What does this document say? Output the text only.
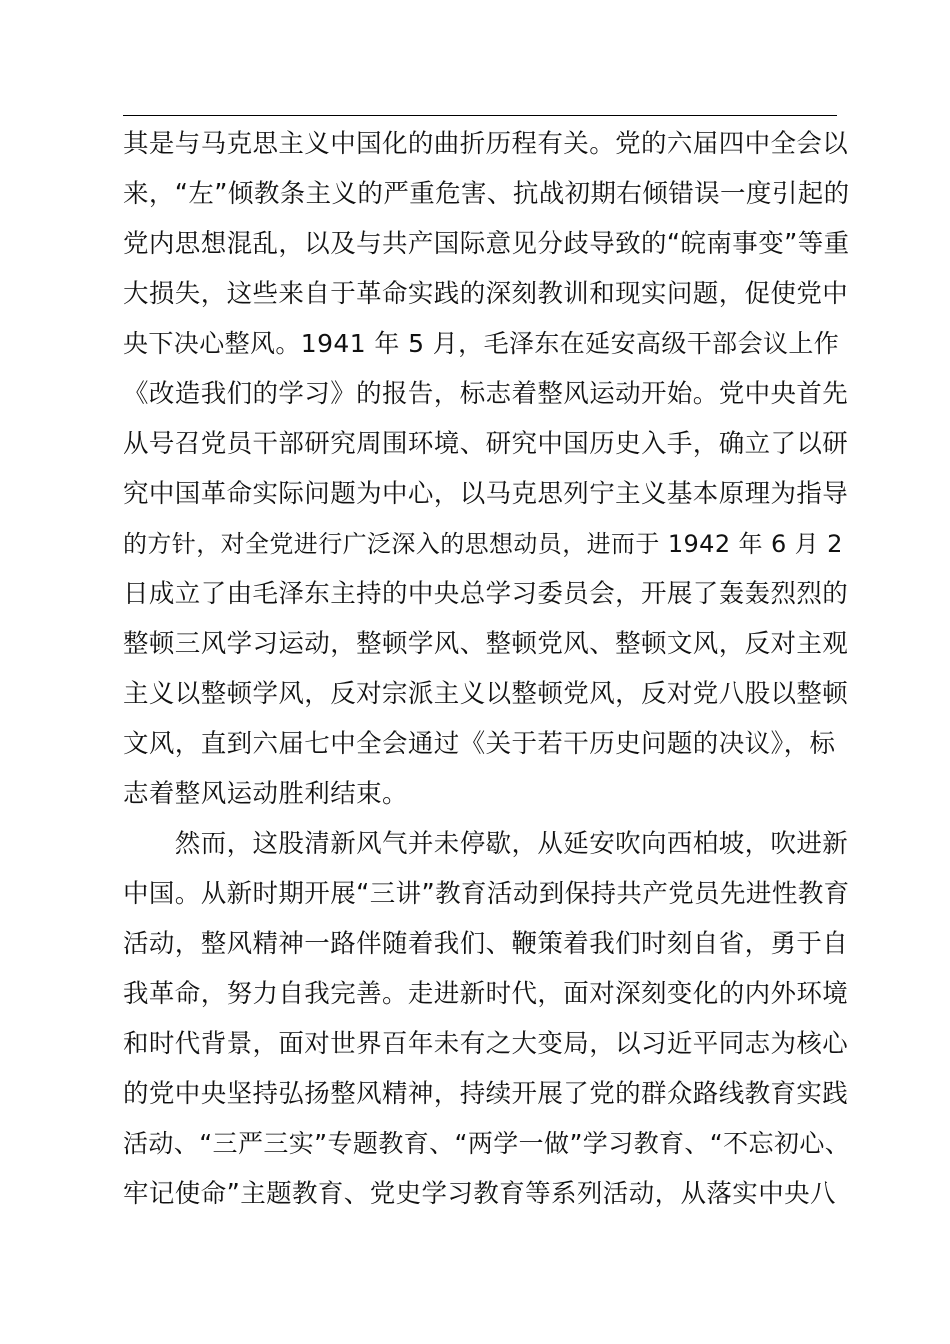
其是与马克思主义中国化的曲折历程有关。党的六届四中全会以
来，“左”倾教条主义的严重危害、抗战初期右倾错误一度引起的
党内思想混乱，以及与共产国际意见分歧导致的“皖南事变”等重
大损失，这些来自于革命实践的深刻教训和现实问题，促使党中
央下决心整风。1941 年 5 月，毛泽东在延安高级干部会议上作
《改造我们的学习》的报告，标志着整风运动开始。党中央首先
从号召党员干部研究周围环境、研究中国历史入手，确立了以研
究中国革命实际问题为中心，以马克思列宁主义基本原理为指导
的方针，对全党进行广泛深入的思想动员，进而于 1942 年 6 月 2
日成立了由毛泽东主持的中央总学习委员会，开展了轰轰烈烈的
整顿三风学习运动，整顿学风、整顿党风、整顿文风，反对主观
主义以整顿学风，反对宗派主义以整顿党风，反对党八股以整顿
文风，直到六届七中全会通过《关于若干历史问题的决议》，标
志着整风运动胜利结束。
　　然而，这股清新风气并未停歇，从延安吹向西柏坡，吹进新
中国。从新时期开展“三讲”教育活动到保持共产党员先进性教育
活动，整风精神一路伴随着我们、鞭策着我们时刻自省，勇于自
我革命，努力自我完善。走进新时代，面对深刻变化的内外环境
和时代背景，面对世界百年未有之大变局，以习近平同志为核心
的党中央坚持弘扬整风精神，持续开展了党的群众路线教育实践
活动、“三严三实”专题教育、“两学一做”学习教育、“不忘初心、
牢记使命”主题教育、党史学习教育等系列活动，从落实中央八
